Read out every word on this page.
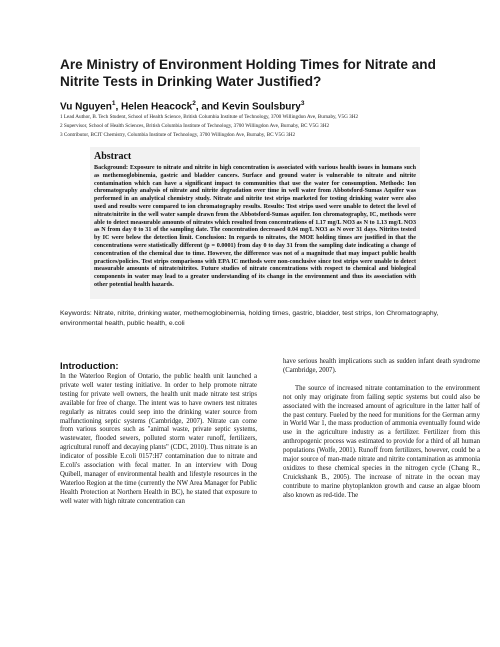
Are Ministry of Environment Holding Times for Nitrate and Nitrite Tests in Drinking Water Justified?
Vu Nguyen$^1$, Helen Heacock$^2$, and Kevin Soulsbury$^3$
1 Lead Author, B. Tech Student, School of Health Science, British Columbia Institute of Technology, 3700 Willingdon Ave, Burnaby, V5G 3H2
2 Supervisor, School of Health Sciences, British Columbia Institute of Technology, 3700 Willingdon Ave, Burnaby, BC V5G 3H2
3 Contributor, BCIT Chemistry, Columbia Institute of Technology, 3700 Willingdon Ave, Burnaby, BC V5G 3H2
Abstract

Background: Exposure to nitrate and nitrite in high concentration is associated with various health issues in humans such as methemoglobinemia, gastric and bladder cancers. Surface and ground water is vulnerable to nitrate and nitrite contamination which can have a significant impact to communities that use the water for consumption. Methods: Ion chromatography analysis of nitrate and nitrite degradation over time in well water from Abbotsford-Sumas Aquifer was performed in an analytical chemistry study. Nitrate and nitrite test strips marketed for testing drinking water were also used and results were compared to ion chromatography results. Results: Test strips used were unable to detect the level of nitrate/nitrite in the well water sample drawn from the Abbotsford-Sumas aquifer. Ion chromatography, IC, methods were able to detect measurable amounts of nitrates which resulted from concentrations of 1.17 mg/L NO3 as N to 1.13 mg/L NO3 as N from day 0 to 31 of the sampling date. The concentration decreased 0.04 mg/L NO3 as N over 31 days. Nitrites tested by IC were below the detection limit. Conclusion: In regards to nitrates, the MOE holding times are justified in that the concentrations were statistically different (p = 0.0001) from day 0 to day 31 from the sampling date indicating a change of concentration of the chemical due to time. However, the difference was not of a magnitude that may impact public health practices/policies. Test strips comparisons with EPA IC methods were non-conclusive since test strips were unable to detect measurable amounts of nitrate/nitrites. Future studies of nitrate concentrations with respect to chemical and biological components in water may lead to a greater understanding of its change in the environment and thus its association with other potential health hazards.

Keywords: Nitrate, nitrite, drinking water, methemoglobinemia, holding times, gastric, bladder, test strips, Ion Chromatography, environmental health, public health, e.coli
Introduction:

In the Waterloo Region of Ontario, the public health unit launched a private well water testing initiative. In order to help promote nitrate testing for private well owners, the health unit made nitrate test strips available for free of charge. The intent was to have owners test nitrates regularly as nitrates could seep into the drinking water source from malfunctioning septic systems (Cambridge, 2007). Nitrate can come from various sources such as "animal waste, private septic systems, wastewater, flooded sewers, polluted storm water runoff, fertilizers, agricultural runoff and decaying plants" (CDC, 2010). Thus nitrate is an indicator of possible E.coli 0157:H7 contamination due to nitrate and E.coli's association with fecal matter. In an interview with Doug Quibell, manager of environmental health and lifestyle resources in the Waterloo Region at the time (currently the NW Area Manager for Public Health Protection at Northern Health in BC), he stated that exposure to well water with high nitrate concentration can

have serious health implications such as sudden infant death syndrome (Cambridge, 2007).

The source of increased nitrate contamination to the environment not only may originate from failing septic systems but could also be associated with the increased amount of agriculture in the latter half of the past century. Fueled by the need for munitions for the German army in World War 1, the mass production of ammonia eventually found wide use in the agriculture industry as a fertilizer. Fertilizer from this anthropogenic process was estimated to provide for a third of all human populations (Wolfe, 2001). Runoff from fertilizers, however, could be a major source of man-made nitrate and nitrite contamination as ammonia oxidizes to these chemical species in the nitrogen cycle (Chang R., Cruickshank B., 2005). The increase of nitrate in the ocean may contribute to marine phytoplankton growth and cause an algae bloom also known as red-tide. The
